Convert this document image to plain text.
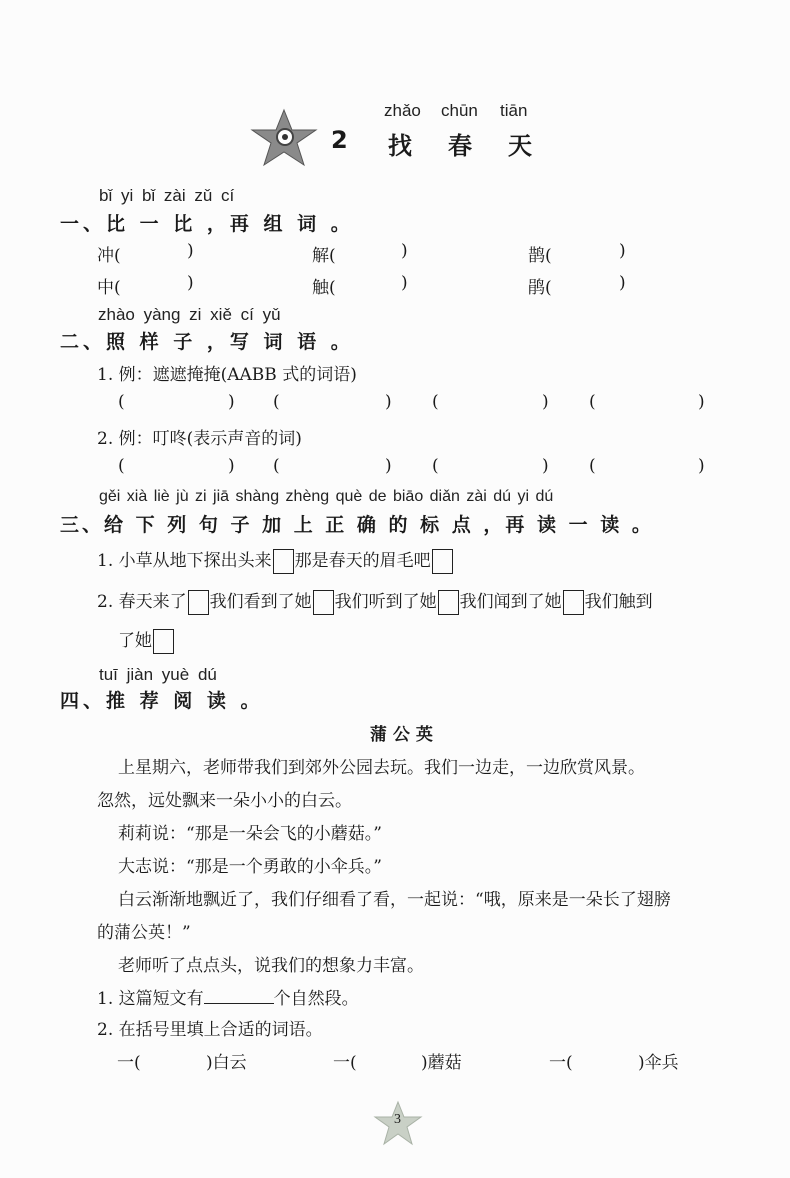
zhǎo chūn tiān
2 找 春 天
bǐ yi bǐ zài zǔ cí
一、比 一 比 ，再 组 词 。
冲(	)	解(	)	鹊(	)
中(	)	触(	)	鹃(	)
zhào yàng zi xiě cí yǔ
二、照 样 子 ，写 词 语 。
1. 例：遮遮掩掩(AABB 式的词语)
(	) (	) (	) (	)
2. 例：叮咚(表示声音的词)
(	) (	) (	) (	)
gěi xià liè jù zi jiā shàng zhèng què de biāo diǎn zài dú yi dú
三、给 下 列 句 子 加 上 正 确 的 标 点 ，再 读 一 读 。
1. 小草从地下探出头来 那是春天的眉毛吧
2. 春天来了 我们看到了她 我们听到了她 我们闻到了她 我们触到
了她
tuī jiàn yuè dú
四、推 荐 阅 读 。
蒲 公 英
上星期六，老师带我们到郊外公园去玩。我们一边走，一边欣赏风景。
忽然，远处飘来一朵小小的白云。
莉莉说：“那是一朵会飞的小蘑菇。”
大志说：“那是一个勇敢的小伞兵。”
白云渐渐地飘近了，我们仔细看了看，一起说：“哦，原来是一朵长了翅膀
的蒲公英！”
老师听了点点头，说我们的想象力丰富。
1. 这篇短文有	个自然段。
2. 在括号里填上合适的词语。
一(	)白云	一(	)蘑菇	一(	)伞兵
3
